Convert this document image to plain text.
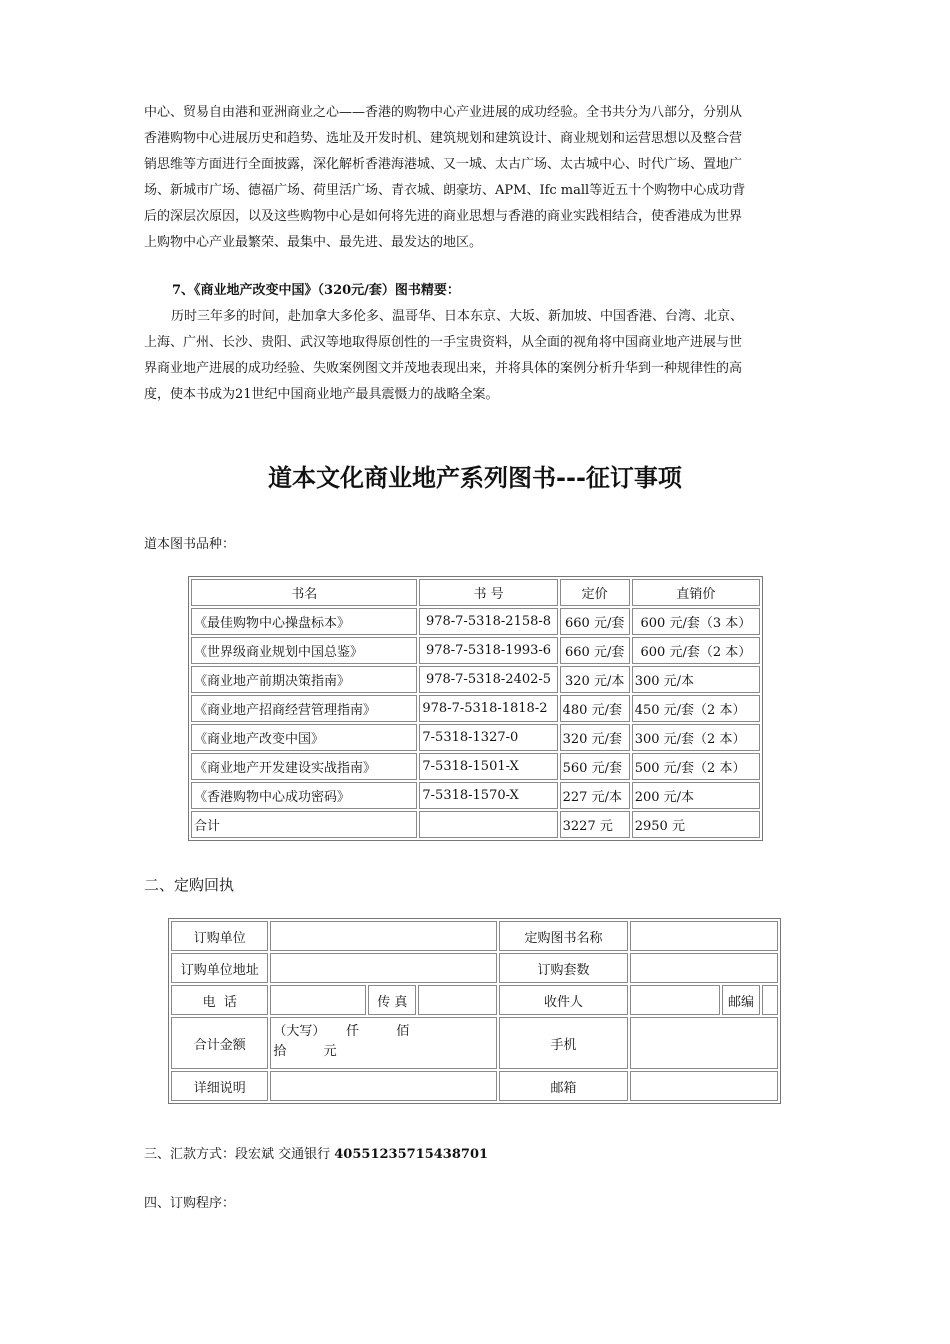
中心、贸易自由港和亚洲商业之心——香港的购物中心产业进展的成功经验。全书共分为八部分，分别从
香港购物中心进展历史和趋势、选址及开发时机、建筑规划和建筑设计、商业规划和运营思想以及整合营
销思维等方面进行全面披露，深化解析香港海港城、又一城、太古广场、太古城中心、时代广场、置地广
场、新城市广场、德福广场、荷里活广场、青衣城、朗豪坊、APM、Ifc mall等近五十个购物中心成功背
后的深层次原因，以及这些购物中心是如何将先进的商业思想与香港的商业实践相结合，使香港成为世界
上购物中心产业最繁荣、最集中、最先进、最发达的地区。
7、《商业地产改变中国》（320元/套）图书精要：
历时三年多的时间，赴加拿大多伦多、温哥华、日本东京、大坂、新加坡、中国香港、台湾、北京、
上海、广州、长沙、贵阳、武汉等地取得原创性的一手宝贵资料，从全面的视角将中国商业地产进展与世
界商业地产进展的成功经验、失败案例图文并茂地表现出来，并将具体的案例分析升华到一种规律性的高
度，使本书成为21世纪中国商业地产最具震慑力的战略全案。
道本文化商业地产系列图书---征订事项
道本图书品种：
书名	书 号	定价	直销价
《最佳购物中心操盘标本》	978-7-5318-2158-8	660 元/套	600 元/套（3 本）
《世界级商业规划中国总鉴》	978-7-5318-1993-6	660 元/套	600 元/套（2 本）
《商业地产前期决策指南》	978-7-5318-2402-5	320 元/本	300 元/本
《商业地产招商经营管理指南》	978-7-5318-1818-2	480 元/套	450 元/套（2 本）
《商业地产改变中国》	7-5318-1327-0	320 元/套	300 元/套（2 本）
《商业地产开发建设实战指南》	7-5318-1501-X	560 元/套	500 元/套（2 本）
《香港购物中心成功密码》	7-5318-1570-X	227 元/本	200 元/本
合计		3227 元	2950 元
二、定购回执
订购单位				定购图书名称			
订购单位地址				订购套数			
电  话		传 真		收件人		邮编	
合计金额	（大写）     仟         佰
拾         元			手机			
详细说明				邮箱			
三、汇款方式：段宏斌 交通银行 40551235715438701
四、订购程序：
